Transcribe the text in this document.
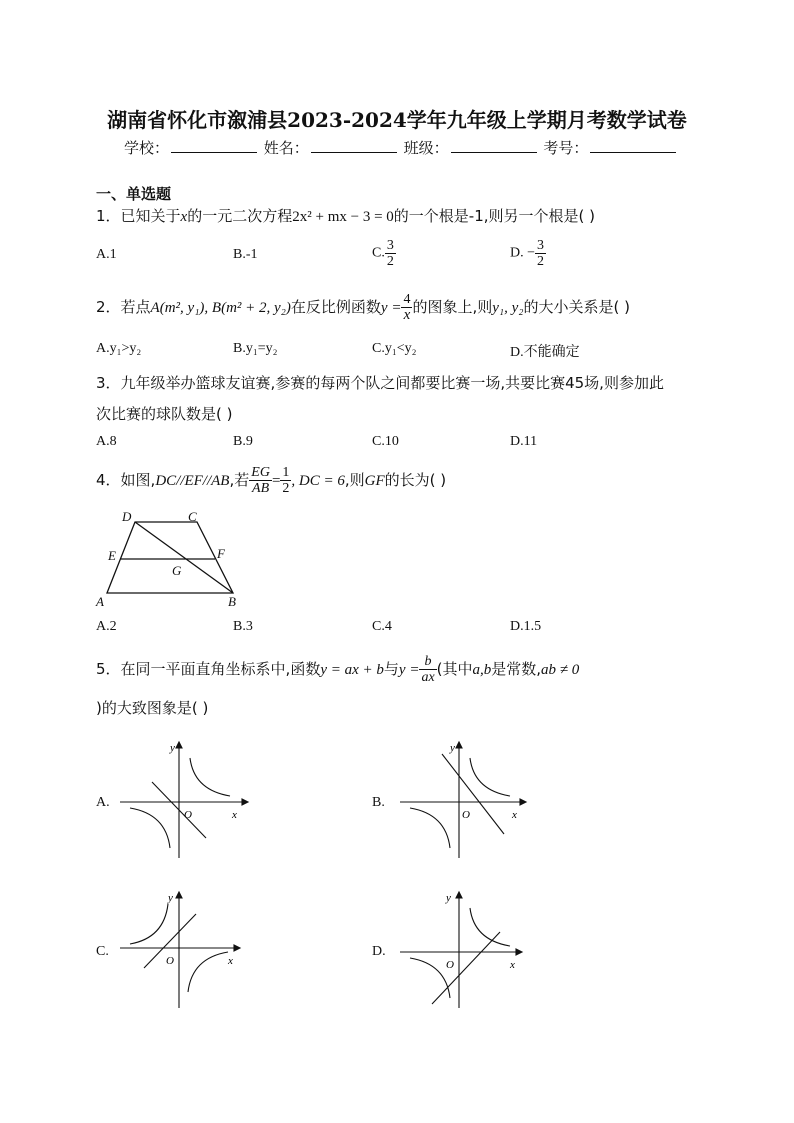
湖南省怀化市溆浦县2023-2024学年九年级上学期月考数学试卷
学校：	姓名：	班级：	考号：
一、单选题
1．已知关于x的一元二次方程2x² + mx − 3 = 0的一个根是-1,则另一个根是( )
A.1	B.-1	C. $\frac{3}{2}$	D. − $\frac{3}{2}$
2．若点A(m², y₁), B(m² + 2, y₂)在反比例函数$y = \frac{4}{x}$ 的图象上,则y₁, y₂的大小关系是( )
A.y₁>y₂	B.y₁=y₂	C.y₁<y₂	D.不能确定
3．九年级举办篮球友谊赛,参赛的每两个队之间都要比赛一场,共要比赛45场,则参加此
次比赛的球队数是( )
A.8	B.9	C.10	D.11
4．如图,DC//EF//AB,若 $\frac{EG}{AB} = \frac{1}{2}$ , DC = 6,则GF的长为( )
D	C
E	F
G
A	B
A.2	B.3	C.4	D.1.5
5．在同一平面直角坐标系中,函数y = ax + b与$y = \frac{b}{ax}$ (其中a,b是常数,ab ≠ 0
)的大致图象是( )
A.
y
x
O
B.
y
x
O
C.
y
x
O
D.
y
x
O
